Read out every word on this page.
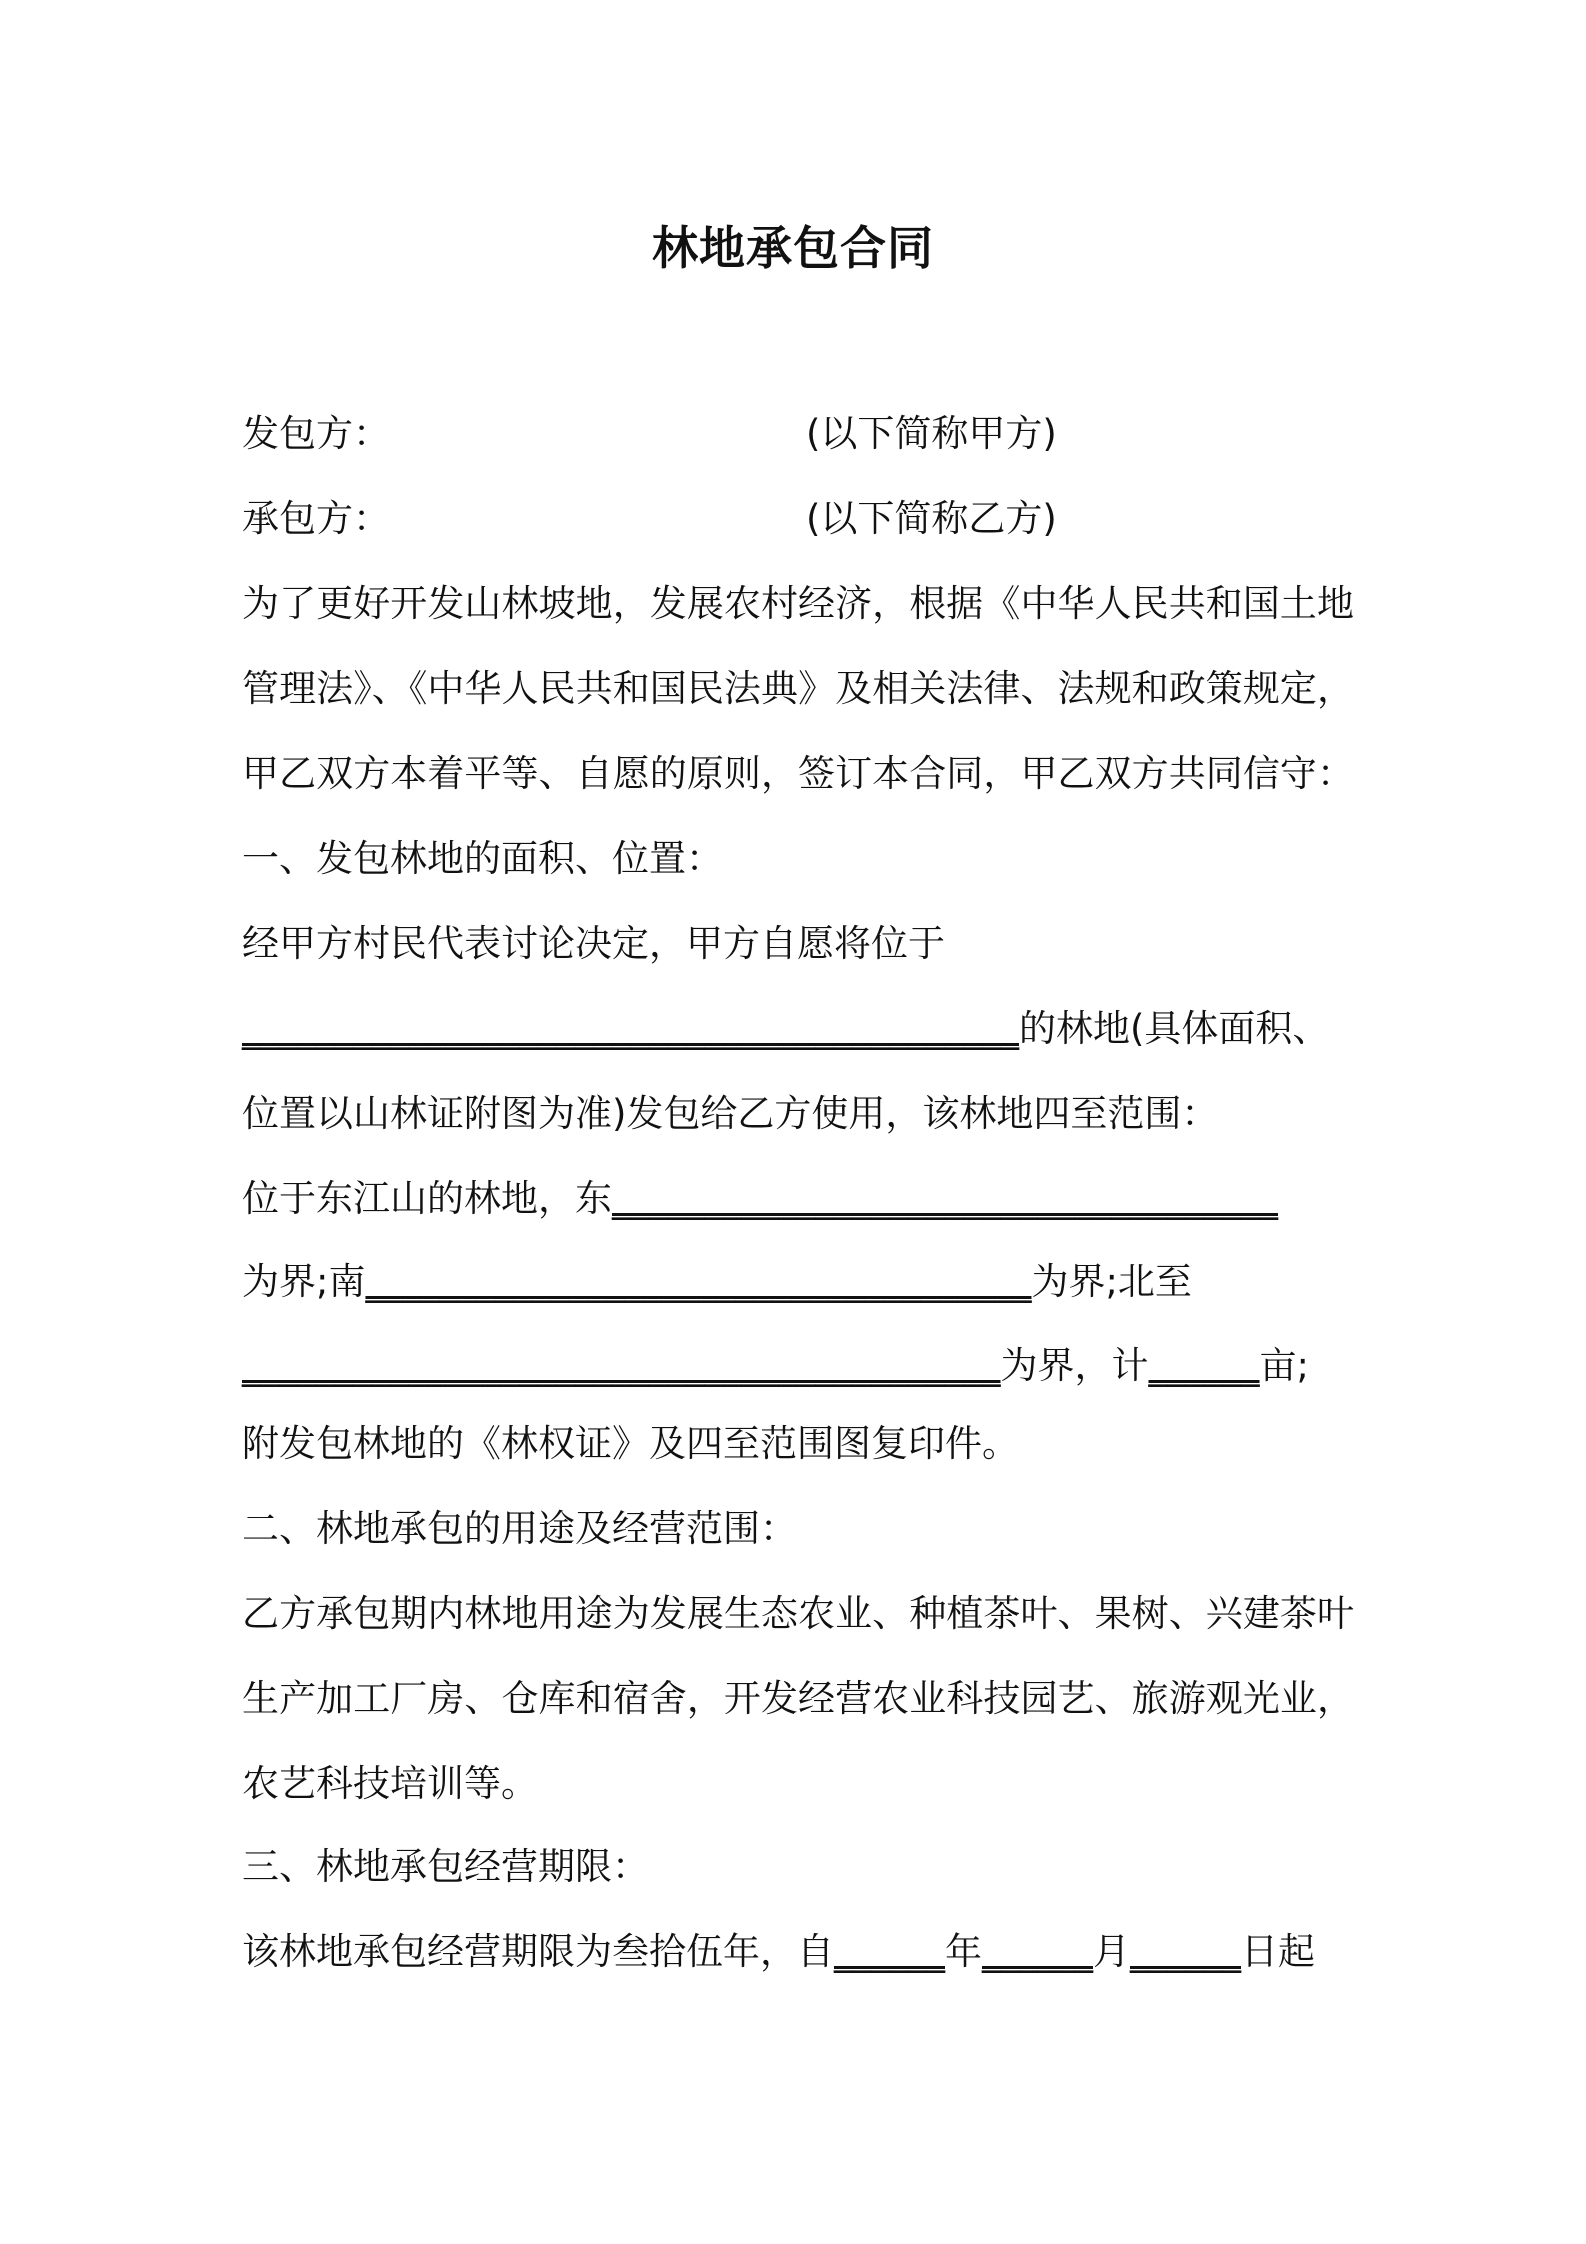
林地承包合同
发包方：	(以下简称甲方)
承包方：	(以下简称乙方)
为了更好开发山林坡地，发展农村经济，根据《中华人民共和国土地
管理法》、《中华人民共和国民法典》及相关法律、法规和政策规定，
甲乙双方本着平等、自愿的原则，签订本合同，甲乙双方共同信守：
一、发包林地的面积、位置：
经甲方村民代表讨论决定，甲方自愿将位于
__________________________________________的林地(具体面积、
位置以山林证附图为准)发包给乙方使用，该林地四至范围：
位于东江山的林地，东____________________________________
为界;南____________________________________为界;北至
_________________________________________为界，计______亩;
附发包林地的《林权证》及四至范围图复印件。
二、林地承包的用途及经营范围：
乙方承包期内林地用途为发展生态农业、种植茶叶、果树、兴建茶叶
生产加工厂房、仓库和宿舍，开发经营农业科技园艺、旅游观光业，
农艺科技培训等。
三、林地承包经营期限：
该林地承包经营期限为叁拾伍年，自______年______月______日起
